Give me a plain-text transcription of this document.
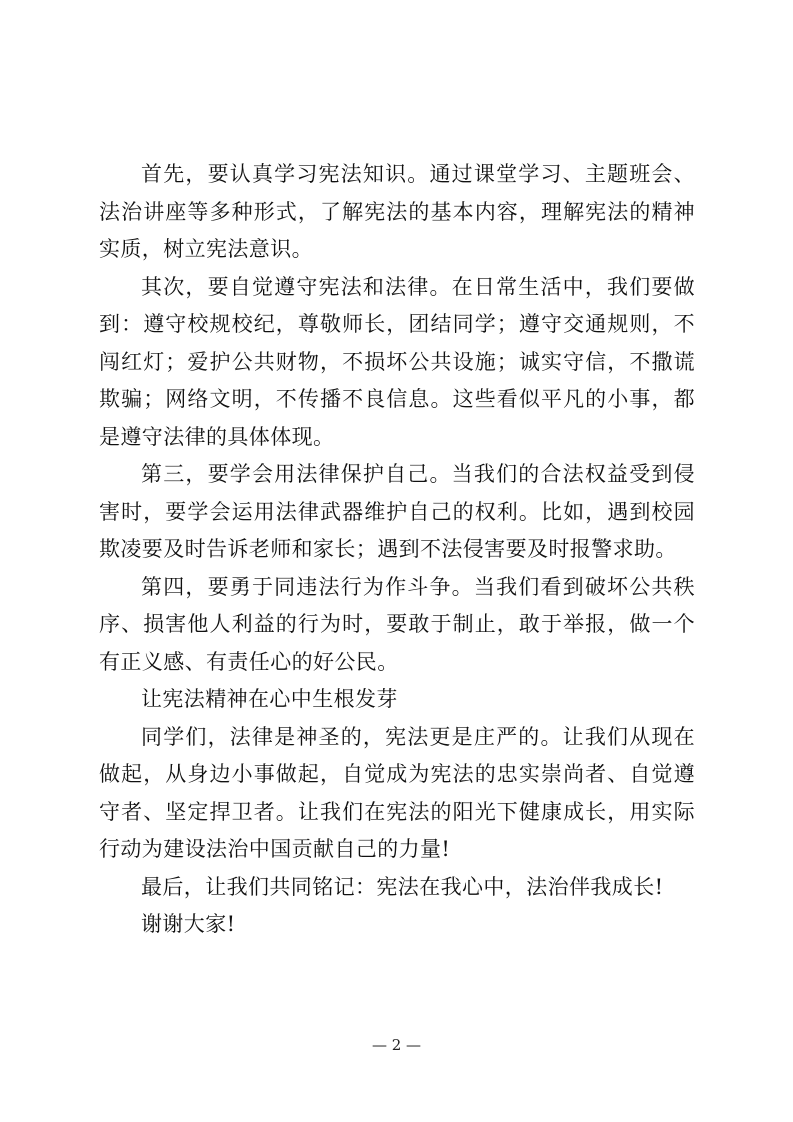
首先，要认真学习宪法知识。通过课堂学习、主题班会、法治讲座等多种形式，了解宪法的基本内容，理解宪法的精神实质，树立宪法意识。

其次，要自觉遵守宪法和法律。在日常生活中，我们要做到：遵守校规校纪，尊敬师长，团结同学；遵守交通规则，不闯红灯；爱护公共财物，不损坏公共设施；诚实守信，不撒谎欺骗；网络文明，不传播不良信息。这些看似平凡的小事，都是遵守法律的具体体现。

第三，要学会用法律保护自己。当我们的合法权益受到侵害时，要学会运用法律武器维护自己的权利。比如，遇到校园欺凌要及时告诉老师和家长；遇到不法侵害要及时报警求助。

第四，要勇于同违法行为作斗争。当我们看到破坏公共秩序、损害他人利益的行为时，要敢于制止，敢于举报，做一个有正义感、有责任心的好公民。

让宪法精神在心中生根发芽

同学们，法律是神圣的，宪法更是庄严的。让我们从现在做起，从身边小事做起，自觉成为宪法的忠实崇尚者、自觉遵守者、坚定捍卫者。让我们在宪法的阳光下健康成长，用实际行动为建设法治中国贡献自己的力量!

最后，让我们共同铭记：宪法在我心中，法治伴我成长!

谢谢大家!

— 2 —
